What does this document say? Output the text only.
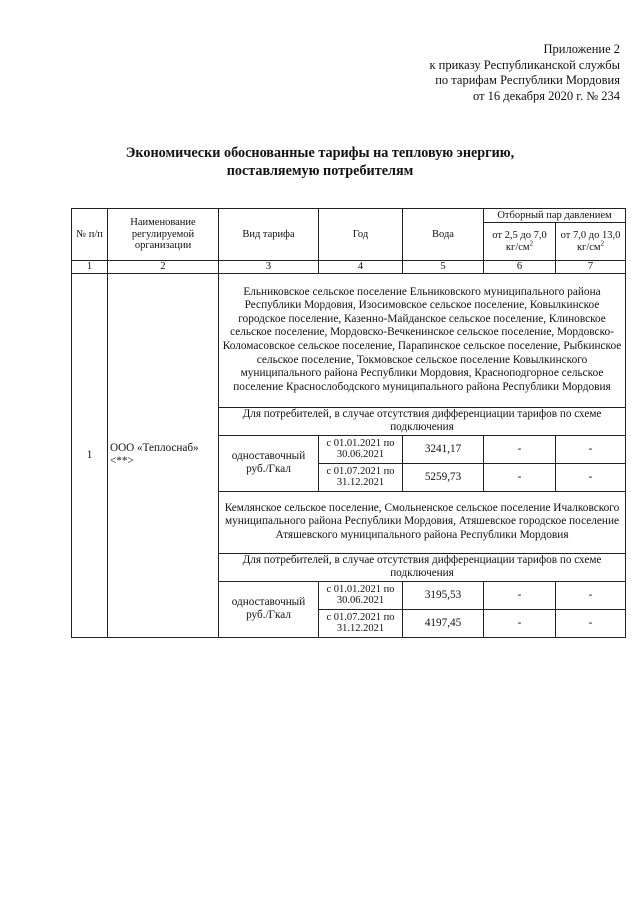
Приложение 2
к приказу Республиканской службы
по тарифам Республики Мордовия
от 16 декабря 2020 г. № 234
Экономически обоснованные тарифы на тепловую энергию,
поставляемую потребителям
№ п/п	Наименование регулируемой организации	Вид тарифа	Год	Вода	Отборный пар давлением	
					от 2,5 до 7,0 $кг/см^2$	от 7,0 до 13,0 $кг/см^2$
1	2	3	4	5	6	7
1	ООО «Теплоснаб» <**>	Ельниковское сельское поселение Ельниковского муниципального района Республики Мордовия, Изосимовское сельское поселение, Ковылкинское городское поселение, Казенно-Майданское сельское поселение, Клиновское сельское поселение, Мордовско-Вечкенинское сельское поселение, Мордовско-Коломасовское сельское поселение, Парапинское сельское поселение, Рыбкинское сельское поселение, Токмовское сельское поселение Ковылкинского муниципального района Республики Мордовия, Краснoподгорное сельское поселение Краснослободского муниципального района Республики Мордовия				
		Для потребителей, в случае отсутствия дифференциации тарифов по схеме подключения				
		одноставочный руб./Гкал	с 01.01.2021 по 30.06.2021	3241,17	-	-
			с 01.07.2021 по 31.12.2021	5259,73	-	-
		Кемлянское сельское поселение, Смольненское сельское поселение Ичалковского муниципального района Республики Мордовия, Атяшевское городское поселение Атяшевского муниципального района Республики Мордовия				
		Для потребителей, в случае отсутствия дифференциации тарифов по схеме подключения				
		одноставочный руб./Гкал	с 01.01.2021 по 30.06.2021	3195,53	-	-
			с 01.07.2021 по 31.12.2021	4197,45	-	-
